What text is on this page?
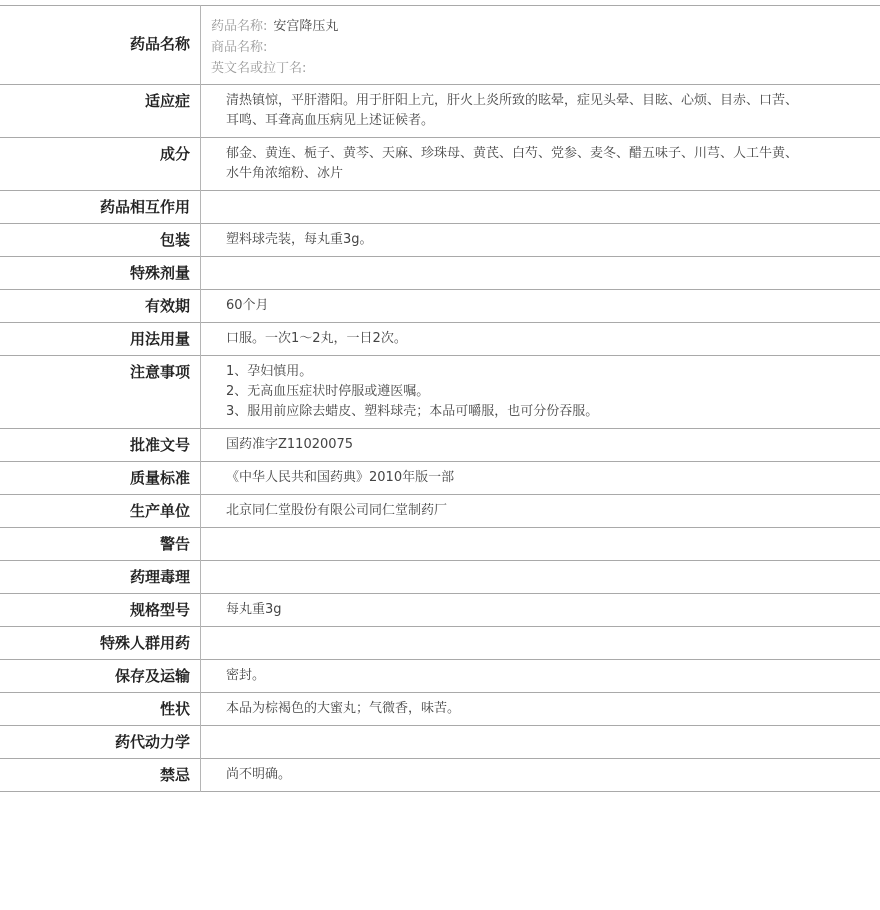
药品名称	药品名称: 安宫降压丸
商品名称:
英文名或拉丁名:

适应症	清热镇惊，平肝潜阳。用于肝阳上亢，肝火上炎所致的眩晕，症见头晕、目眩、心烦、目赤、口苦、耳鸣、耳聋高血压病见上述证候者。
成分	郁金、黄连、栀子、黄芩、天麻、珍珠母、黄芪、白芍、党参、麦冬、醋五味子、川芎、人工牛黄、水牛角浓缩粉、冰片
药品相互作用	
包装	塑料球壳装，每丸重3g。
特殊剂量	
有效期	60个月
用法用量	口服。一次1～2丸，一日2次。
注意事项	1、孕妇慎用。
2、无高血压症状时停服或遵医嘱。
3、服用前应除去蜡皮、塑料球壳；本品可嚼服，也可分份吞服。

批准文号	国药准字Z11020075
质量标准	《中华人民共和国药典》2010年版一部
生产单位	北京同仁堂股份有限公司同仁堂制药厂
警告	
药理毒理	
规格型号	每丸重3g
特殊人群用药	
保存及运输	密封。
性状	本品为棕褐色的大蜜丸；气微香，味苦。
药代动力学	
禁忌	尚不明确。
